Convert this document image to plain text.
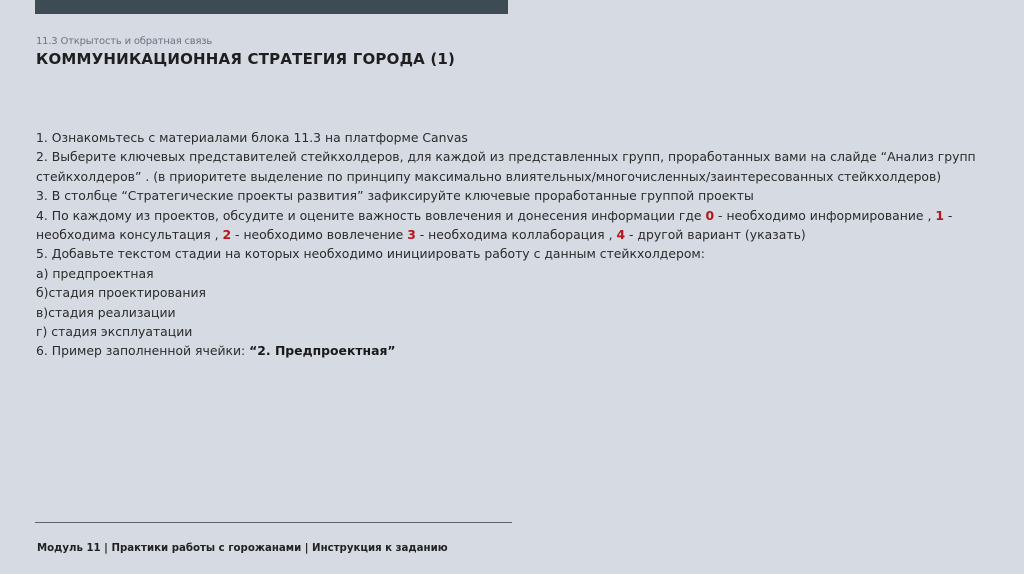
11.3 Открытость и обратная связь
КОММУНИКАЦИОННАЯ СТРАТЕГИЯ ГОРОДА (1)
1. Ознакомьтесь с материалами блока 11.3 на платформе Canvas
2. Выберите ключевых представителей стейкхолдеров, для каждой из представленных групп, проработанных вами на слайде “Анализ групп
стейкхолдеров” . (в приоритете выделение по принципу максимально влиятельных/многочисленных/заинтересованных стейкхолдеров)
3. В столбце “Стратегические проекты развития” зафиксируйте ключевые проработанные группой проекты
4. По каждому из проектов, обсудите и оцените важность вовлечения и донесения информации где 0 - необходимо информирование , 1 -
необходима консультация , 2 - необходимо вовлечение 3 - необходима коллаборация , 4 - другой вариант (указать)
5. Добавьте текстом стадии на которых необходимо инициировать работу с данным стейкхолдером:
а) предпроектная
б)стадия проектирования
в)стадия реализации
г) стадия эксплуатации
6. Пример заполненной ячейки: “2. Предпроектная”
Модуль 11 | Практики работы с горожанами | Инструкция к заданию
